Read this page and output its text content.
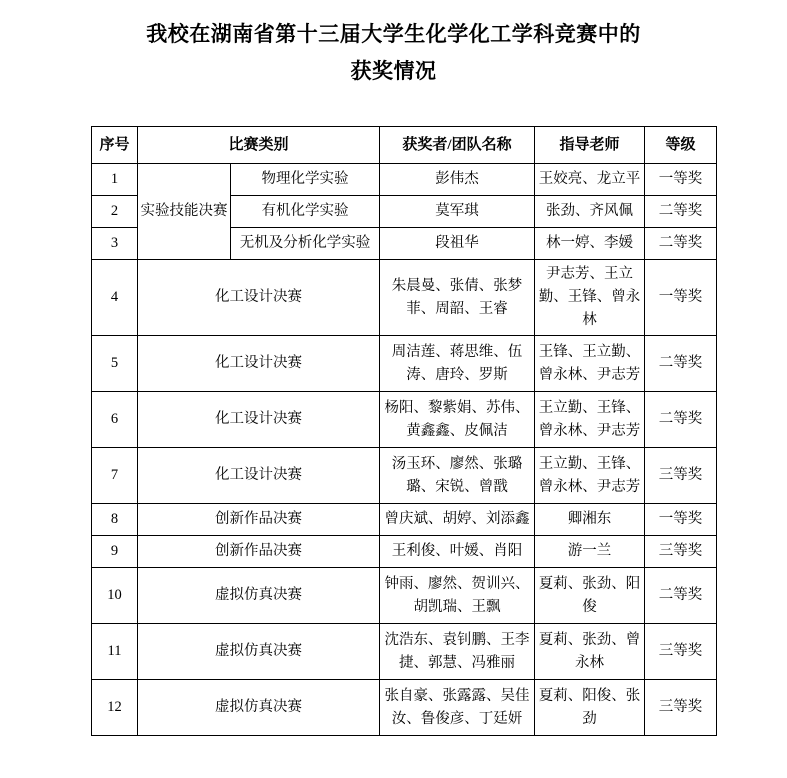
我校在湖南省第十三届大学生化学化工学科竞赛中的
获奖情况
序号	比赛类别		获奖者/团队名称	指导老师	等级
1	实验技能决赛	物理化学实验	彭伟杰	王姣亮、龙立平	一等奖
2		有机化学实验	莫军琪	张劲、齐风佩	二等奖
3		无机及分析化学实验	段祖华	林一婷、李媛	二等奖
4	化工设计决赛		朱晨曼、张倩、张梦菲、周韶、王睿	尹志芳、王立勤、王锋、曾永林	一等奖
5	化工设计决赛		周洁莲、蒋思维、伍涛、唐玲、罗斯	王锋、王立勤、曾永林、尹志芳	二等奖
6	化工设计决赛		杨阳、黎紫娟、苏伟、黄鑫鑫、皮佩洁	王立勤、王锋、曾永林、尹志芳	二等奖
7	化工设计决赛		汤玉环、廖然、张璐璐、宋锐、曾戬	王立勤、王锋、曾永林、尹志芳	三等奖
8	创新作品决赛		曾庆斌、胡婷、刘添鑫	卿湘东	一等奖
9	创新作品决赛		王利俊、叶媛、肖阳	游一兰	三等奖
10	虚拟仿真决赛		钟雨、廖然、贺训兴、胡凯瑞、王飘	夏莉、张劲、阳俊	二等奖
11	虚拟仿真决赛		沈浩东、袁钊鹏、王李捷、郭慧、冯雅丽	夏莉、张劲、曾永林	三等奖
12	虚拟仿真决赛		张自豪、张露露、吴佳汝、鲁俊彦、丁廷妍	夏莉、阳俊、张劲	三等奖
